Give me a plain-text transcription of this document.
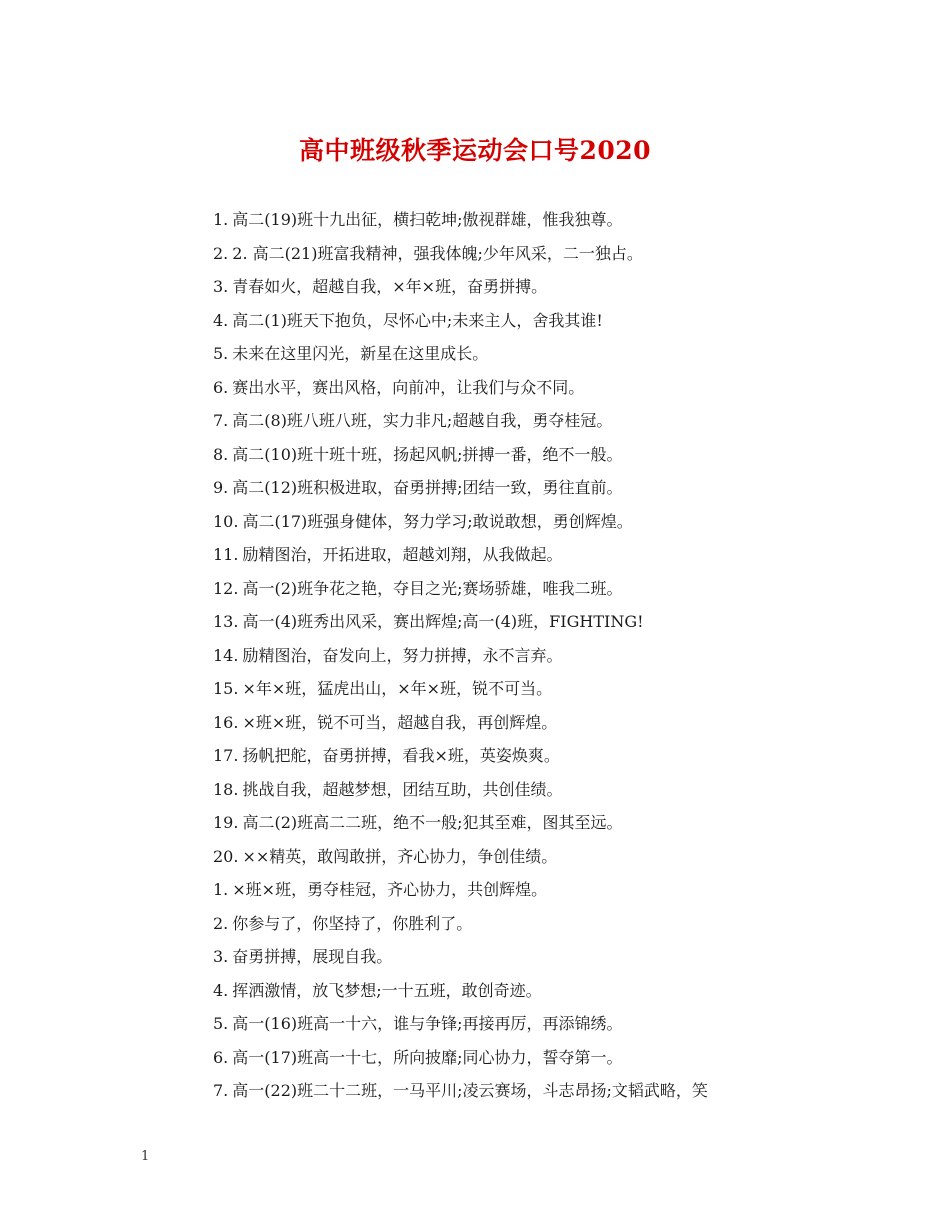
高中班级秋季运动会口号2020
1. 高二(19)班十九出征，横扫乾坤;傲视群雄，惟我独尊。
2. 2. 高二(21)班富我精神，强我体魄;少年风采，二一独占。
3. 青春如火，超越自我，×年×班，奋勇拼搏。
4. 高二(1)班天下抱负，尽怀心中;未来主人，舍我其谁!
5. 未来在这里闪光，新星在这里成长。
6. 赛出水平，赛出风格，向前冲，让我们与众不同。
7. 高二(8)班八班八班，实力非凡;超越自我，勇夺桂冠。
8. 高二(10)班十班十班，扬起风帆;拼搏一番，绝不一般。
9. 高二(12)班积极进取，奋勇拼搏;团结一致，勇往直前。
10. 高二(17)班强身健体，努力学习;敢说敢想，勇创辉煌。
11. 励精图治，开拓进取，超越刘翔，从我做起。
12. 高一(2)班争花之艳，夺目之光;赛场骄雄，唯我二班。
13. 高一(4)班秀出风采，赛出辉煌;高一(4)班，FIGHTING!
14. 励精图治，奋发向上，努力拼搏，永不言弃。
15. ×年×班，猛虎出山，×年×班，锐不可当。
16. ×班×班，锐不可当，超越自我，再创辉煌。
17. 扬帆把舵，奋勇拼搏，看我×班，英姿焕爽。
18. 挑战自我，超越梦想，团结互助，共创佳绩。
19. 高二(2)班高二二班，绝不一般;犯其至难，图其至远。
20. ××精英，敢闯敢拼，齐心协力，争创佳绩。
1. ×班×班，勇夺桂冠，齐心协力，共创辉煌。
2. 你参与了，你坚持了，你胜利了。
3. 奋勇拼搏，展现自我。
4. 挥洒激情，放飞梦想;一十五班，敢创奇迹。
5. 高一(16)班高一十六，谁与争锋;再接再厉，再添锦绣。
6. 高一(17)班高一十七，所向披靡;同心协力，誓夺第一。
7. 高一(22)班二十二班，一马平川;凌云赛场，斗志昂扬;文韬武略，笑
1
